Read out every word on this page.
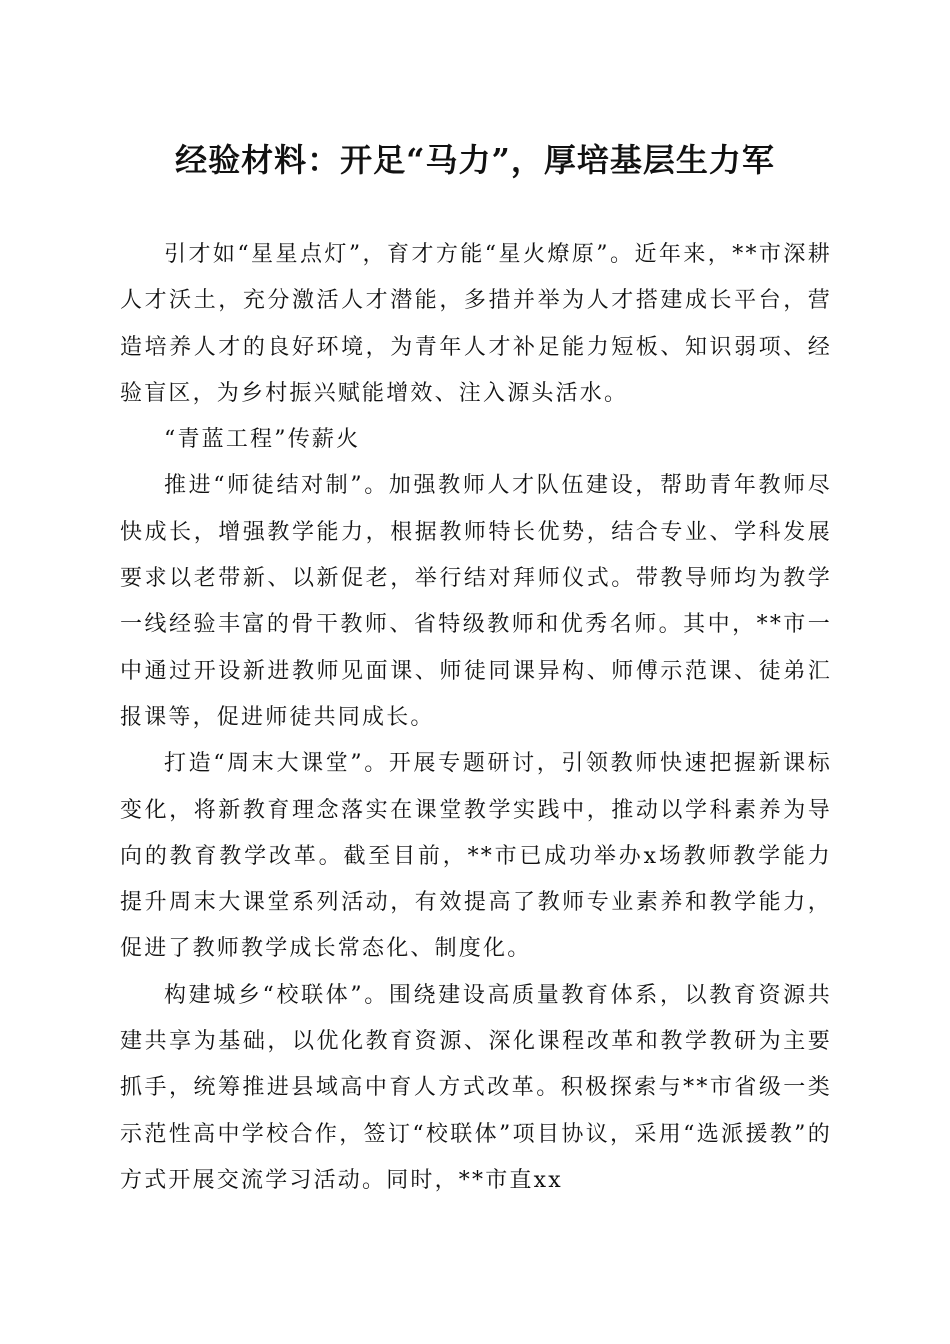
经验材料：开足“马力”，厚培基层生力军

引才如“星星点灯”，育才方能“星火燎原”。近年来，**市深耕人才沃土，充分激活人才潜能，多措并举为人才搭建成长平台，营造培养人才的良好环境，为青年人才补足能力短板、知识弱项、经验盲区，为乡村振兴赋能增效、注入源头活水。

“青蓝工程”传薪火

推进“师徒结对制”。加强教师人才队伍建设，帮助青年教师尽快成长，增强教学能力，根据教师特长优势，结合专业、学科发展要求以老带新、以新促老，举行结对拜师仪式。带教导师均为教学一线经验丰富的骨干教师、省特级教师和优秀名师。其中，**市一中通过开设新进教师见面课、师徒同课异构、师傅示范课、徒弟汇报课等，促进师徒共同成长。

打造“周末大课堂”。开展专题研讨，引领教师快速把握新课标变化，将新教育理念落实在课堂教学实践中，推动以学科素养为导向的教育教学改革。截至目前，**市已成功举办x场教师教学能力提升周末大课堂系列活动，有效提高了教师专业素养和教学能力，促进了教师教学成长常态化、制度化。

构建城乡“校联体”。围绕建设高质量教育体系，以教育资源共建共享为基础，以优化教育资源、深化课程改革和教学教研为主要抓手，统筹推进县域高中育人方式改革。积极探索与**市省级一类示范性高中学校合作，签订“校联体”项目协议，采用“选派援教”的方式开展交流学习活动。同时，**市直xx
